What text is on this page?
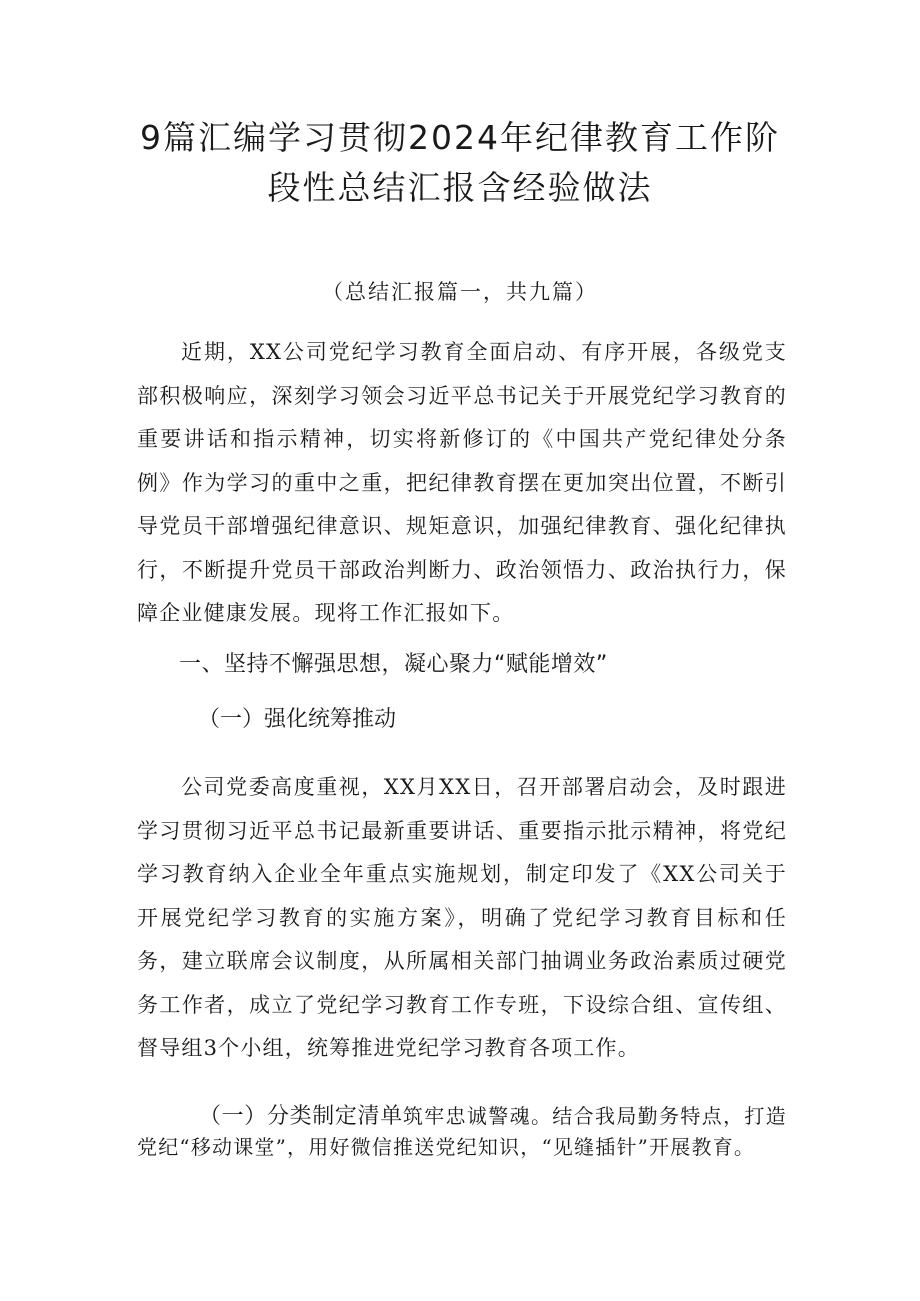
9篇汇编学习贯彻2024年纪律教育工作阶
段性总结汇报含经验做法
（总结汇报篇一，共九篇）

近期，XX公司党纪学习教育全面启动、有序开展，各级党支部积极响应，深刻学习领会习近平总书记关于开展党纪学习教育的重要讲话和指示精神，切实将新修订的《中国共产党纪律处分条例》作为学习的重中之重，把纪律教育摆在更加突出位置，不断引导党员干部增强纪律意识、规矩意识，加强纪律教育、强化纪律执行，不断提升党员干部政治判断力、政治领悟力、政治执行力，保障企业健康发展。现将工作汇报如下。

一、坚持不懈强思想，凝心聚力“赋能增效”
（一）强化统筹推动

公司党委高度重视，XX月XX日，召开部署启动会，及时跟进学习贯彻习近平总书记最新重要讲话、重要指示批示精神，将党纪学习教育纳入企业全年重点实施规划，制定印发了《XX公司关于开展党纪学习教育的实施方案》，明确了党纪学习教育目标和任务，建立联席会议制度，从所属相关部门抽调业务政治素质过硬党务工作者，成立了党纪学习教育工作专班，下设综合组、宣传组、督导组3个小组，统筹推进党纪学习教育各项工作。

（一）分类制定清单筑牢忠诚警魂。结合我局勤务特点，打造党纪“移动课堂”，用好微信推送党纪知识，“见缝插针”开展教育。
